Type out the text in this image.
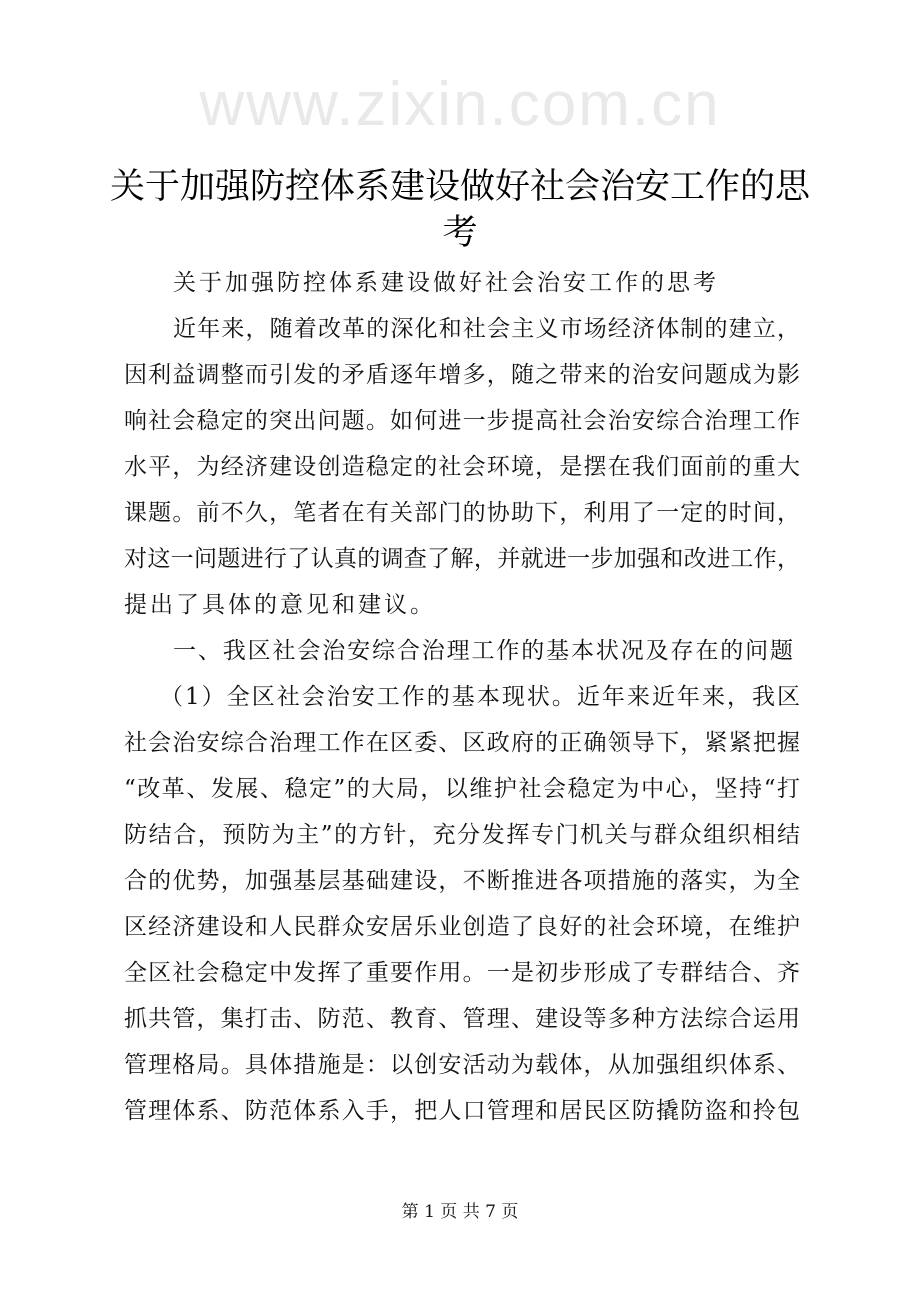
www.zixin.com.cn
关于加强防控体系建设做好社会治安工作的思
考
关于加强防控体系建设做好社会治安工作的思考
近年来，随着改革的深化和社会主义市场经济体制的建立，
因利益调整而引发的矛盾逐年增多，随之带来的治安问题成为影
响社会稳定的突出问题。如何进一步提高社会治安综合治理工作
水平，为经济建设创造稳定的社会环境，是摆在我们面前的重大
课题。前不久，笔者在有关部门的协助下，利用了一定的时间，
对这一问题进行了认真的调查了解，并就进一步加强和改进工作，
提出了具体的意见和建议。
一、我区社会治安综合治理工作的基本状况及存在的问题
（1）全区社会治安工作的基本现状。近年来近年来，我区
社会治安综合治理工作在区委、区政府的正确领导下，紧紧把握
“改革、发展、稳定”的大局，以维护社会稳定为中心，坚持“打
防结合，预防为主”的方针，充分发挥专门机关与群众组织相结
合的优势，加强基层基础建设，不断推进各项措施的落实，为全
区经济建设和人民群众安居乐业创造了良好的社会环境，在维护
全区社会稳定中发挥了重要作用。一是初步形成了专群结合、齐
抓共管，集打击、防范、教育、管理、建设等多种方法综合运用
管理格局。具体措施是：以创安活动为载体，从加强组织体系、
管理体系、防范体系入手，把人口管理和居民区防撬防盗和拎包
第 1 页 共 7 页
